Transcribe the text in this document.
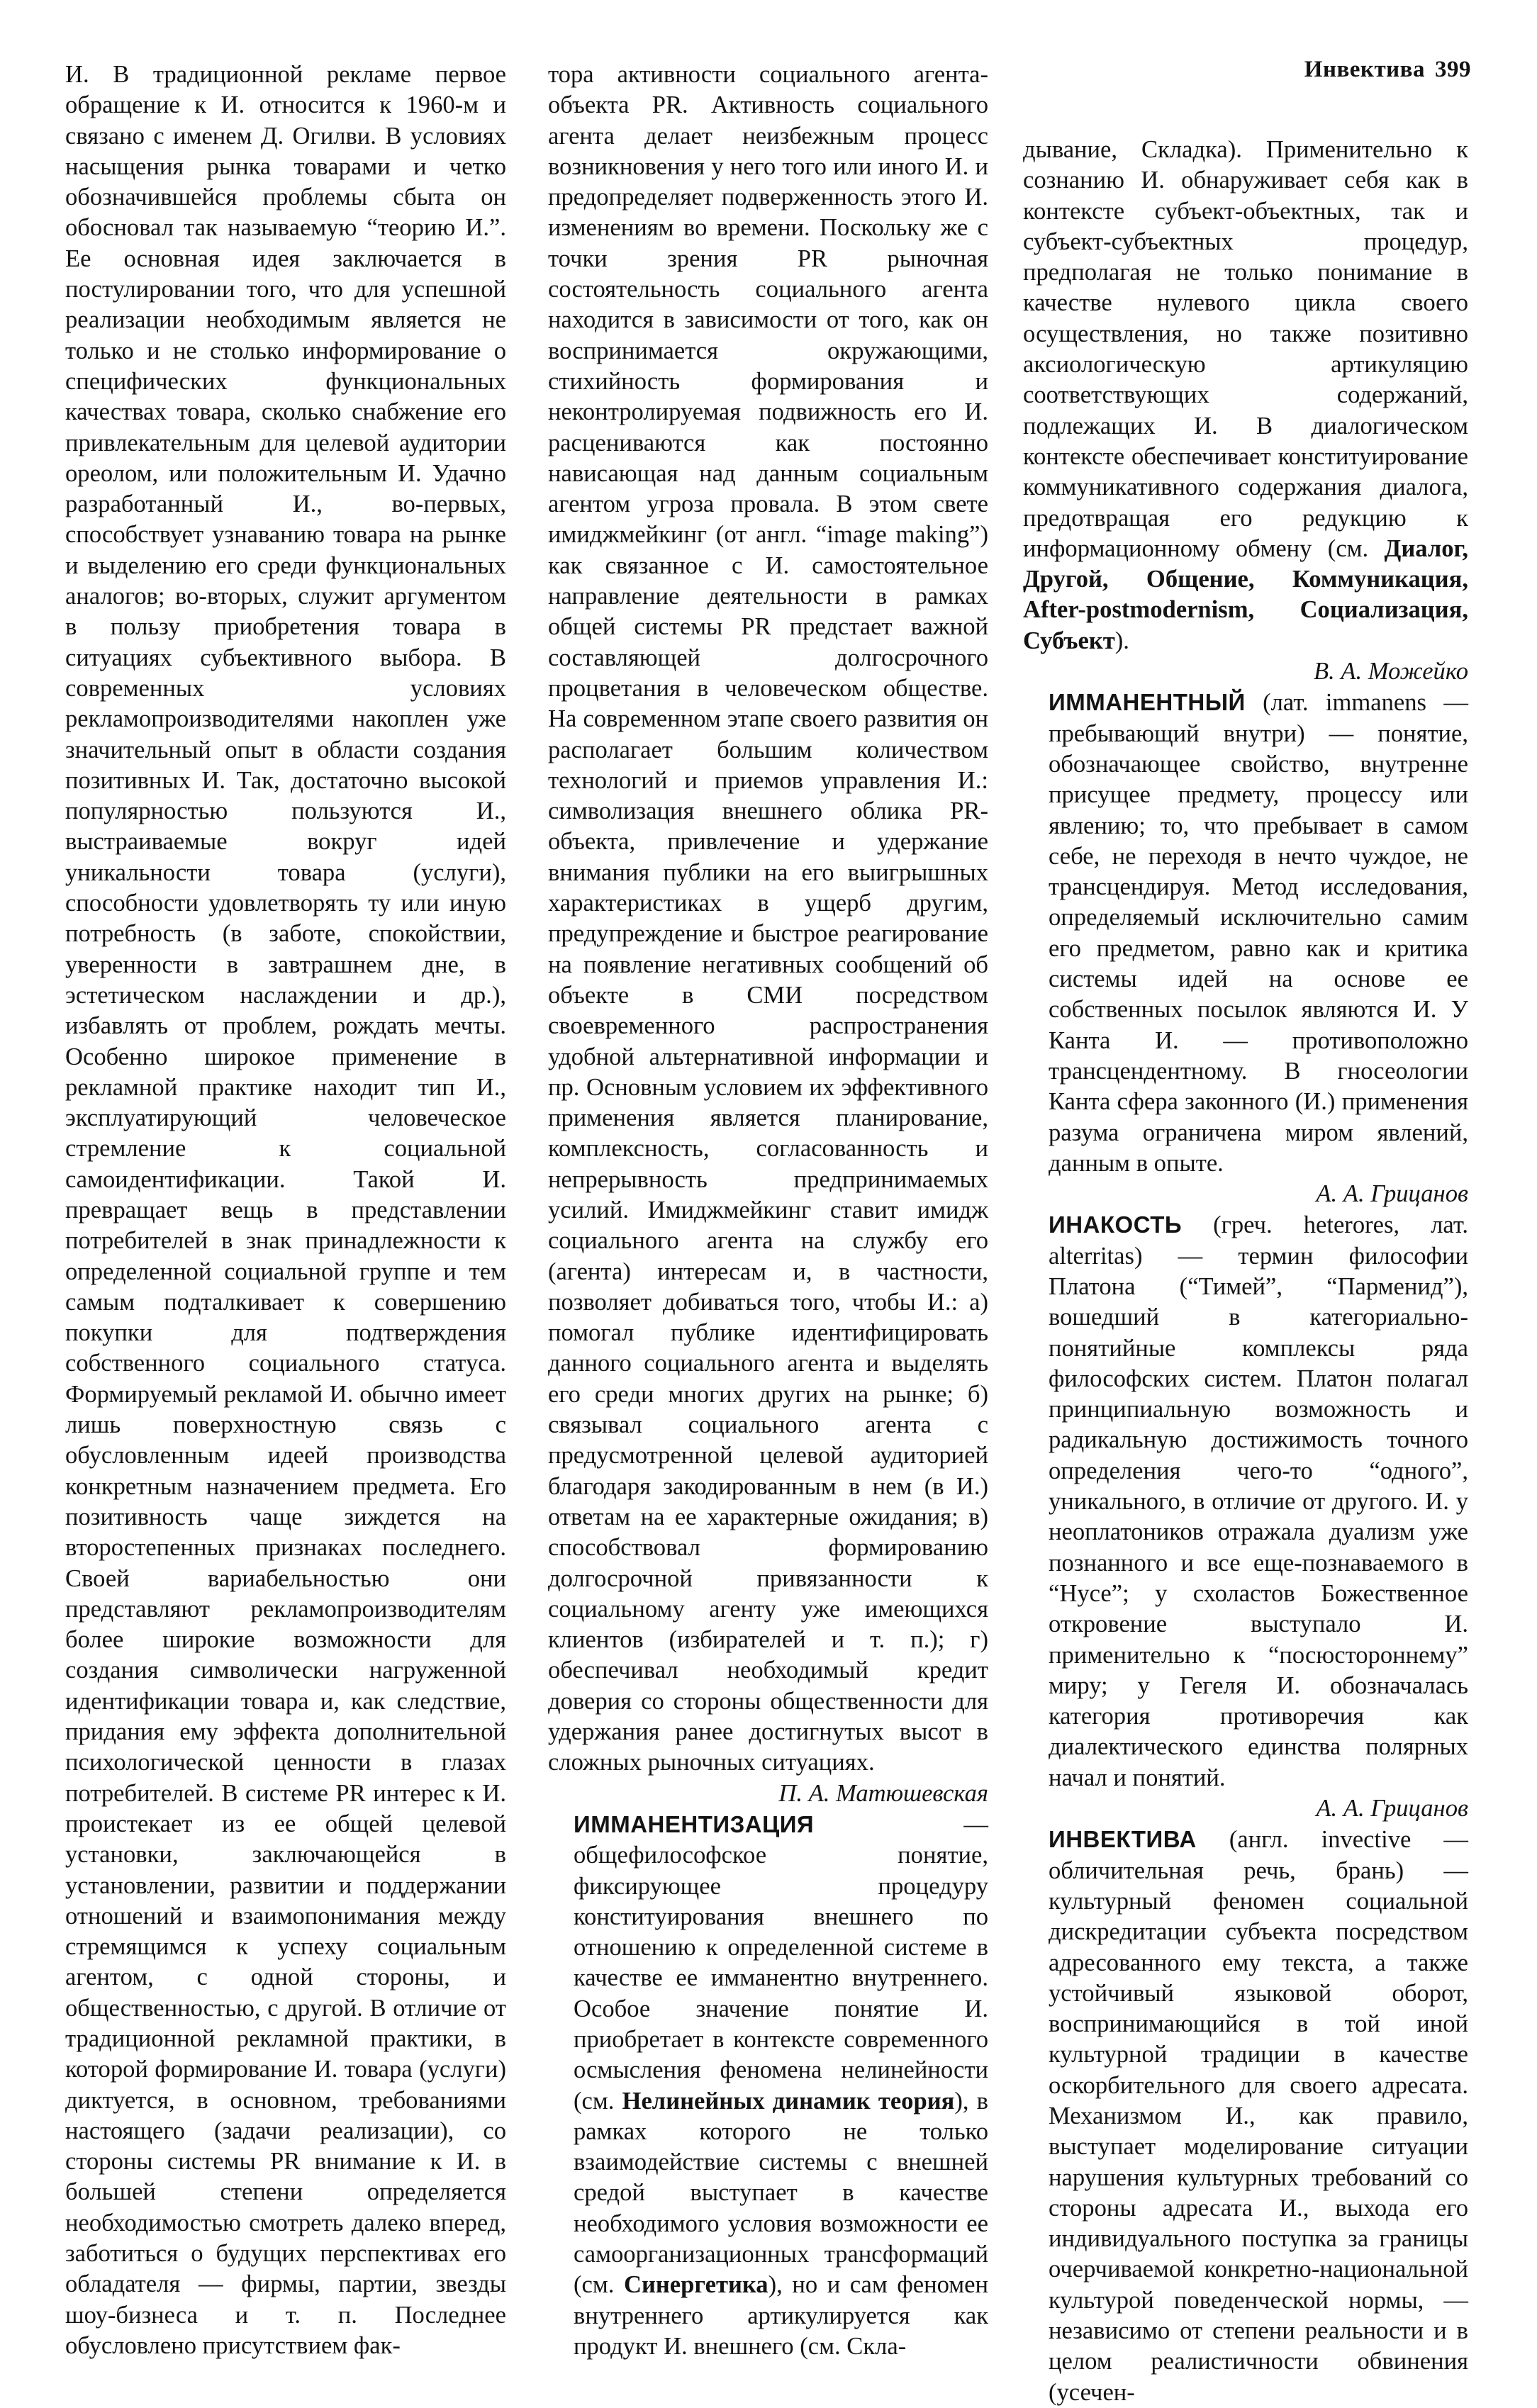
Инвектива 399

И. В традиционной рекламе первое обращение к И. относится к 1960-м и связано с именем Д. Огилви. В условиях насыщения рынка товарами и четко обозначившейся проблемы сбыта он обосновал так называемую “теорию И.”. Ее основная идея заключается в постулировании того, что для успешной реализации необходимым является не только и не столько информирование о специфических функциональных качествах товара, сколько снабжение его привлекательным для целевой аудитории ореолом, или положительным И. Удачно разработанный И., во-первых, способствует узнаванию товара на рынке и выделению его среди функциональных аналогов; во-вторых, служит аргументом в пользу приобретения товара в ситуациях субъективного выбора. В современных условиях рекламопроизводителями накоплен уже значительный опыт в области создания позитивных И. Так, достаточно высокой популярностью пользуются И., выстраиваемые вокруг идей уникальности товара (услуги), способности удовлетворять ту или иную потребность (в заботе, спокойствии, уверенности в завтрашнем дне, в эстетическом наслаждении и др.), избавлять от проблем, рождать мечты. Особенно широкое применение в рекламной практике находит тип И., эксплуатирующий человеческое стремление к социальной самоидентификации. Такой И. превращает вещь в представлении потребителей в знак принадлежности к определенной социальной группе и тем самым подталкивает к совершению покупки для подтверждения собственного социального статуса. Формируемый рекламой И. обычно имеет лишь поверхностную связь с обусловленным идеей производства конкретным назначением предмета. Его позитивность чаще зиждется на второстепенных признаках последнего. Своей вариабельностью они представляют рекламопроизводителям более широкие возможности для создания символически нагруженной идентификации товара и, как следствие, придания ему эффекта дополнительной психологической ценности в глазах потребителей. В системе PR интерес к И. проистекает из ее общей целевой установки, заключающейся в установлении, развитии и поддержании отношений и взаимопонимания между стремящимся к успеху социальным агентом, с одной стороны, и общественностью, с другой. В отличие от традиционной рекламной практики, в которой формирование И. товара (услуги) диктуется, в основном, требованиями настоящего (задачи реализации), со стороны системы PR внимание к И. в большей степени определяется необходимостью смотреть далеко вперед, заботиться о будущих перспективах его обладателя — фирмы, партии, звезды шоу-бизнеса и т. п. Последнее обусловлено присутствием фак-

тора активности социального агента-объекта PR. Активность социального агента делает неизбежным процесс возникновения у него того или иного И. и предопределяет подверженность этого И. изменениям во времени. Поскольку же с точки зрения PR рыночная состоятельность социального агента находится в зависимости от того, как он воспринимается окружающими, стихийность формирования и неконтролируемая подвижность его И. расцениваются как постоянно нависающая над данным социальным агентом угроза провала. В этом свете имиджмейкинг (от англ. “image making”) как связанное с И. самостоятельное направление деятельности в рамках общей системы PR предстает важной составляющей долгосрочного процветания в человеческом обществе. На современном этапе своего развития он располагает большим количеством технологий и приемов управления И.: символизация внешнего облика PR-объекта, привлечение и удержание внимания публики на его выигрышных характеристиках в ущерб другим, предупреждение и быстрое реагирование на появление негативных сообщений об объекте в СМИ посредством своевременного распространения удобной альтернативной информации и пр. Основным условием их эффективного применения является планирование, комплексность, согласованность и непрерывность предпринимаемых усилий. Имиджмейкинг ставит имидж социального агента на службу его (агента) интересам и, в частности, позволяет добиваться того, чтобы И.: а) помогал публике идентифицировать данного социального агента и выделять его среди многих других на рынке; б) связывал социального агента с предусмотренной целевой аудиторией благодаря закодированным в нем (в И.) ответам на ее характерные ожидания; в) способствовал формированию долгосрочной привязанности к социальному агенту уже имеющихся клиентов (избирателей и т. п.); г) обеспечивал необходимый кредит доверия со стороны общественности для удержания ранее достигнутых высот в сложных рыночных ситуациях.

П. А. Матюшевская

ИММАНЕНТИЗАЦИЯ — общефилософское понятие, фиксирующее процедуру конституирования внешнего по отношению к определенной системе в качестве ее имманентно внутреннего. Особое значение понятие И. приобретает в контексте современного осмысления феномена нелинейности (см. Нелинейных динамик теория), в рамках которого не только взаимодействие системы с внешней средой выступает в качестве необходимого условия возможности ее самоорганизационных трансформаций (см. Синергетика), но и сам феномен внутреннего артикулируется как продукт И. внешнего (см. Скла-

дывание, Складка). Применительно к сознанию И. обнаруживает себя как в контексте субъект-объектных, так и субъект-субъектных процедур, предполагая не только понимание в качестве нулевого цикла своего осуществления, но также позитивно аксиологическую артикуляцию соответствующих содержаний, подлежащих И. В диалогическом контексте обеспечивает конституирование коммуникативного содержания диалога, предотвращая его редукцию к информационному обмену (см. Диалог, Другой, Общение, Коммуникация, After-postmodernism, Социализация, Субъект).

В. А. Можейко

ИММАНЕНТНЫЙ (лат. immanens — пребывающий внутри) — понятие, обозначающее свойство, внутренне присущее предмету, процессу или явлению; то, что пребывает в самом себе, не переходя в нечто чуждое, не трансцендируя. Метод исследования, определяемый исключительно самим его предметом, равно как и критика системы идей на основе ее собственных посылок являются И. У Канта И. — противоположно трансцендентному. В гносеологии Канта сфера законного (И.) применения разума ограничена миром явлений, данным в опыте.

А. А. Грицанов

ИНАКОСТЬ (греч. heterores, лат. alterritas) — термин философии Платона (“Тимей”, “Парменид”), вошедший в категориально-понятийные комплексы ряда философских систем. Платон полагал принципиальную возможность и радикальную достижимость точного определения чего-то “одного”, уникального, в отличие от другого. И. у неоплатоников отражала дуализм уже познанного и все еще-познаваемого в “Нусе”; у схоластов Божественное откровение выступало И. применительно к “посюстороннему” миру; у Гегеля И. обозначалась категория противоречия как диалектического единства полярных начал и понятий.

А. А. Грицанов

ИНВЕКТИВА (англ. invective — обличительная речь, брань) — культурный феномен социальной дискредитации субъекта посредством адресованного ему текста, а также устойчивый языковой оборот, воспринимающийся в той иной культурной традиции в качестве оскорбительного для своего адресата. Механизмом И., как правило, выступает моделирование ситуации нарушения культурных требований со стороны адресата И., выхода его индивидуального поступка за границы очерчиваемой конкретно-национальной культурой поведенческой нормы, — независимо от степени реальности и в целом реалистичности обвинения (усечен-
